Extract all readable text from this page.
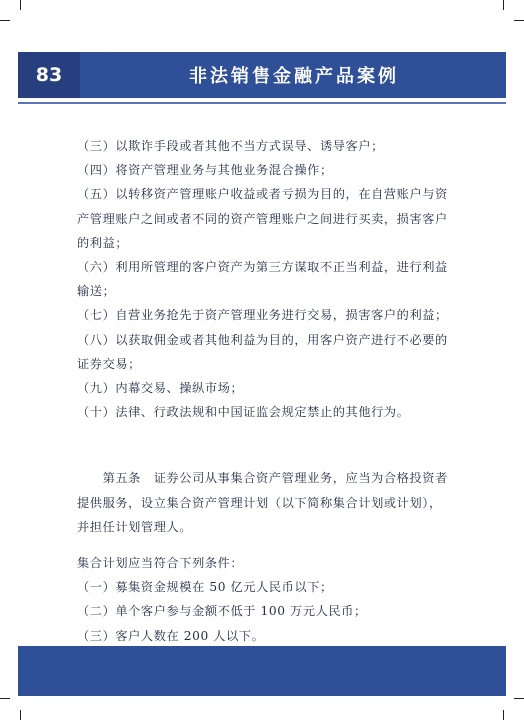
83	非法销售金融产品案例

（三）以欺诈手段或者其他不当方式误导、诱导客户；

（四）将资产管理业务与其他业务混合操作；

（五）以转移资产管理账户收益或者亏损为目的，在自营账户与资产管理账户之间或者不同的资产管理账户之间进行买卖，损害客户的利益；

（六）利用所管理的客户资产为第三方谋取不正当利益，进行利益输送；

（七）自营业务抢先于资产管理业务进行交易，损害客户的利益；

（八）以获取佣金或者其他利益为目的，用客户资产进行不必要的证券交易；

（九）内幕交易、操纵市场；

（十）法律、行政法规和中国证监会规定禁止的其他行为。

　　第五条　证券公司从事集合资产管理业务，应当为合格投资者提供服务，设立集合资产管理计划（以下简称集合计划或计划），并担任计划管理人。

集合计划应当符合下列条件：

（一）募集资金规模在 50 亿元人民币以下；

（二）单个客户参与金额不低于 100 万元人民币；

（三）客户人数在 200 人以下。
